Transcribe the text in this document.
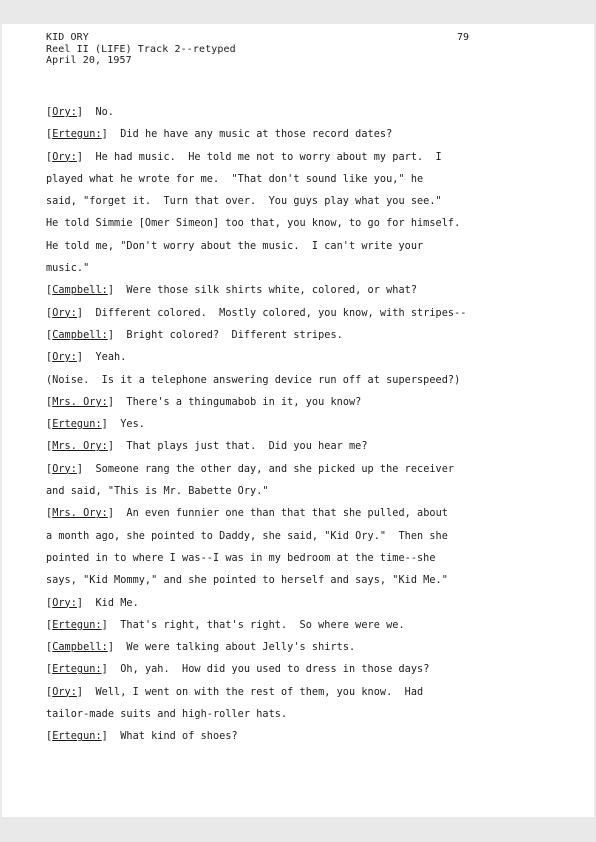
KID ORY
Reel II (LIFE) Track 2--retyped
April 20, 1957
79
[Ory:]  No.
[Ertegun:]  Did he have any music at those record dates?
[Ory:]  He had music.  He told me not to worry about my part.  I
played what he wrote for me.  "That don't sound like you," he
said, "forget it.  Turn that over.  You guys play what you see."
He told Simmie [Omer Simeon] too that, you know, to go for himself.
He told me, "Don't worry about the music.  I can't write your
music."
[Campbell:]  Were those silk shirts white, colored, or what?
[Ory:]  Different colored.  Mostly colored, you know, with stripes--
[Campbell:]  Bright colored?  Different stripes.
[Ory:]  Yeah.
(Noise.  Is it a telephone answering device run off at superspeed?)
[Mrs. Ory:]  There's a thingumabob in it, you know?
[Ertegun:]  Yes.
[Mrs. Ory:]  That plays just that.  Did you hear me?
[Ory:]  Someone rang the other day, and she picked up the receiver
and said, "This is Mr. Babette Ory."
[Mrs. Ory:]  An even funnier one than that that she pulled, about
a month ago, she pointed to Daddy, she said, "Kid Ory."  Then she
pointed in to where I was--I was in my bedroom at the time--she
says, "Kid Mommy," and she pointed to herself and says, "Kid Me."
[Ory:]  Kid Me.
[Ertegun:]  That's right, that's right.  So where were we.
[Campbell:]  We were talking about Jelly's shirts.
[Ertegun:]  Oh, yah.  How did you used to dress in those days?
[Ory:]  Well, I went on with the rest of them, you know.  Had
tailor-made suits and high-roller hats.
[Ertegun:]  What kind of shoes?
